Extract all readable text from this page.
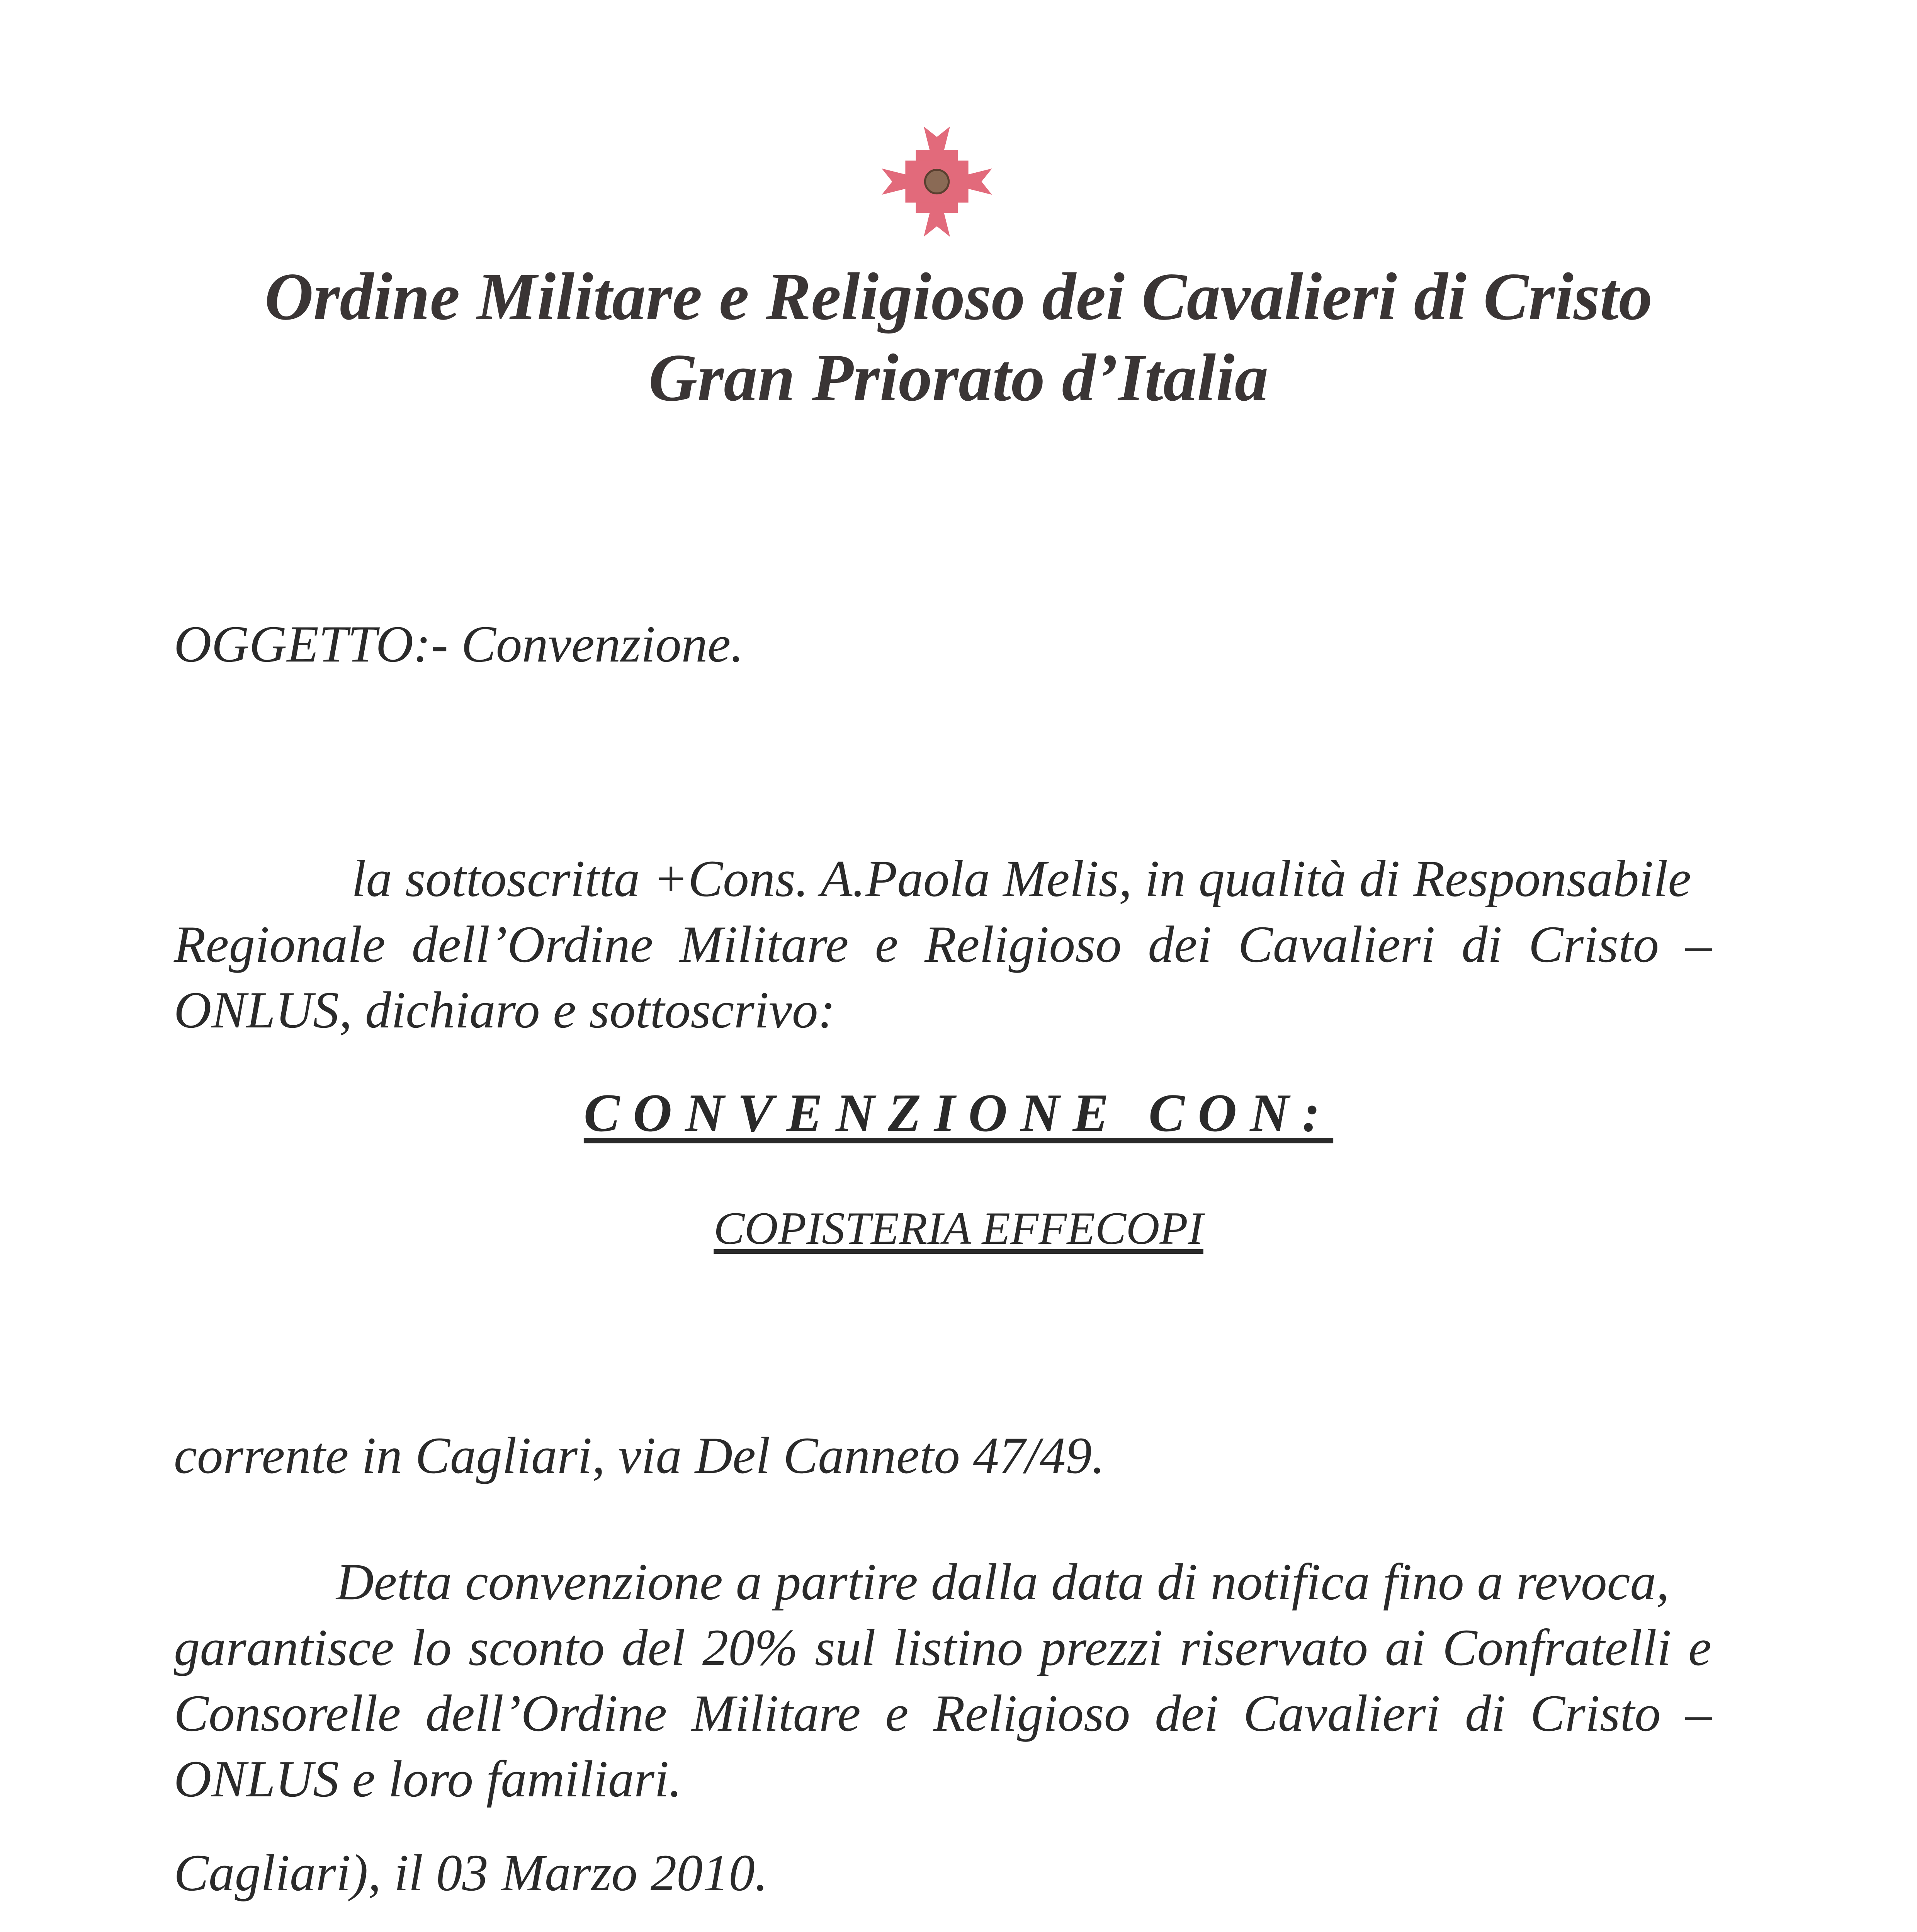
Ordine Militare e Religioso dei Cavalieri di Cristo
Gran Priorato d’Italia
OGGETTO:- Convenzione.
la sottoscritta +Cons. A.Paola Melis, in qualità di Responsabile
Regionale dell’Ordine Militare e Religioso dei Cavalieri di Cristo – ONLUS, dichiaro e sottoscrivo:
CONVENZIONE CON:
COPISTERIA EFFECOPI
corrente in Cagliari, via Del Canneto 47/49.
Detta convenzione a partire dalla data di notifica fino a revoca,
garantisce lo sconto del 20% sul listino prezzi riservato ai Confratelli e Consorelle dell’Ordine Militare e Religioso dei Cavalieri di Cristo – ONLUS e loro familiari.
Cagliari), il 03 Marzo 2010.
